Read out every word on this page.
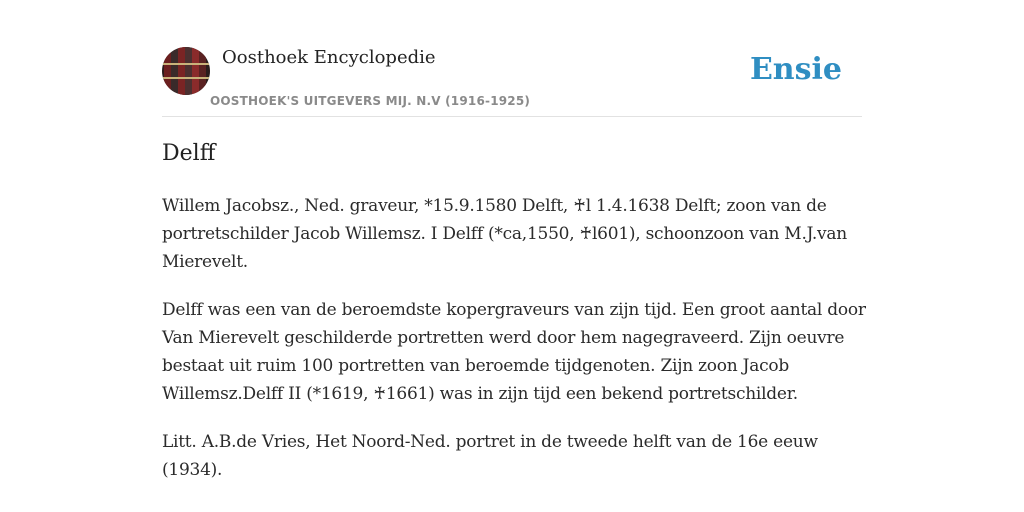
Oosthoek Encyclopedie
OOSTHOEK'S UITGEVERS MIJ. N.V (1916-1925)
Ensie
Delff

Willem Jacobsz., Ned. graveur, *15.9.1580 Delft, ♰l 1.4.1638 Delft; zoon van de portretschilder Jacob Willemsz. I Delff (*ca,1550, ♰l601), schoonzoon van M.J.van Mierevelt.

Delff was een van de beroemdste kopergraveurs van zijn tijd. Een groot aantal door Van Mierevelt geschilderde portretten werd door hem nagegraveerd. Zijn oeuvre bestaat uit ruim 100 portretten van beroemde tijdgenoten. Zijn zoon Jacob Willemsz.Delff II (*1619, ♰1661) was in zijn tijd een bekend portretschilder.

Litt. A.B.de Vries, Het Noord-Ned. portret in de tweede helft van de 16e eeuw (1934).
